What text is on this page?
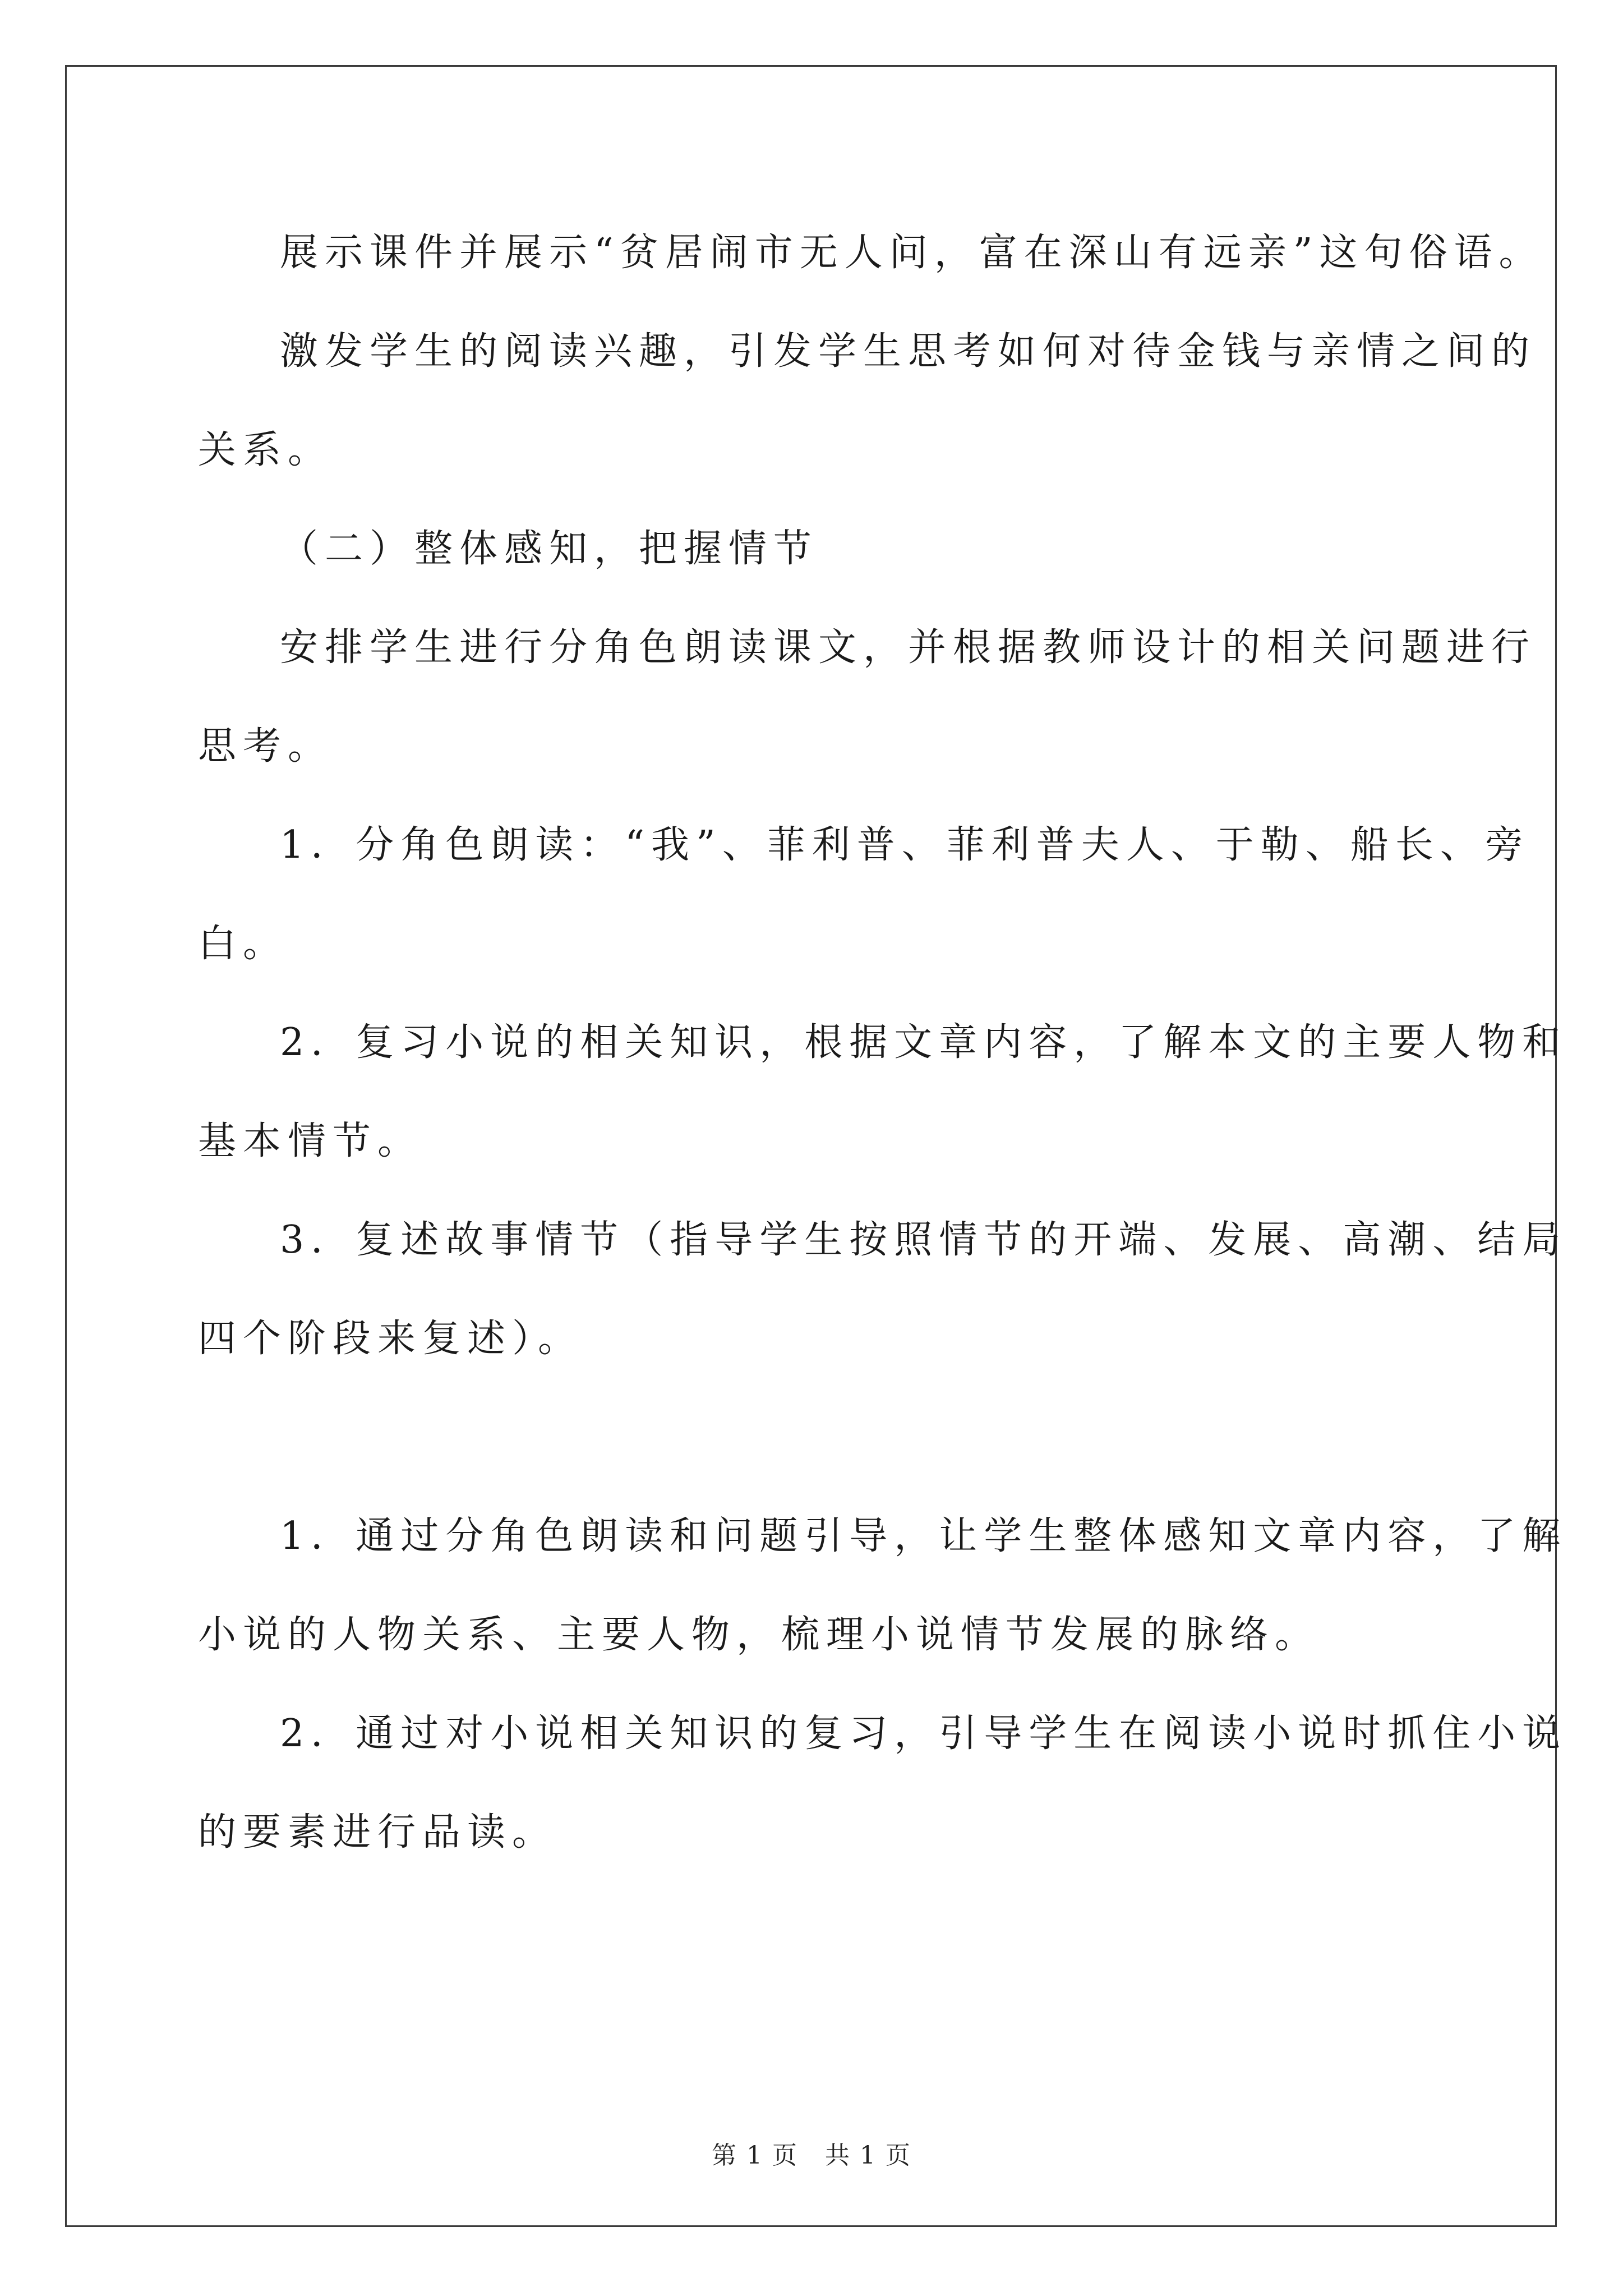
展示课件并展示“贫居闹市无人问，富在深山有远亲”这句俗语。

激发学生的阅读兴趣，引发学生思考如何对待金钱与亲情之间的

关系。

（二）整体感知，把握情节

安排学生进行分角色朗读课文，并根据教师设计的相关问题进行

思考。

1．分角色朗读：“我”、菲利普、菲利普夫人、于勒、船长、旁

白。

2．复习小说的相关知识，根据文章内容，了解本文的主要人物和

基本情节。

3．复述故事情节（指导学生按照情节的开端、发展、高潮、结局

四个阶段来复述）。

1．通过分角色朗读和问题引导，让学生整体感知文章内容，了解

小说的人物关系、主要人物，梳理小说情节发展的脉络。

2．通过对小说相关知识的复习，引导学生在阅读小说时抓住小说

的要素进行品读。

第 1 页 共 1 页
